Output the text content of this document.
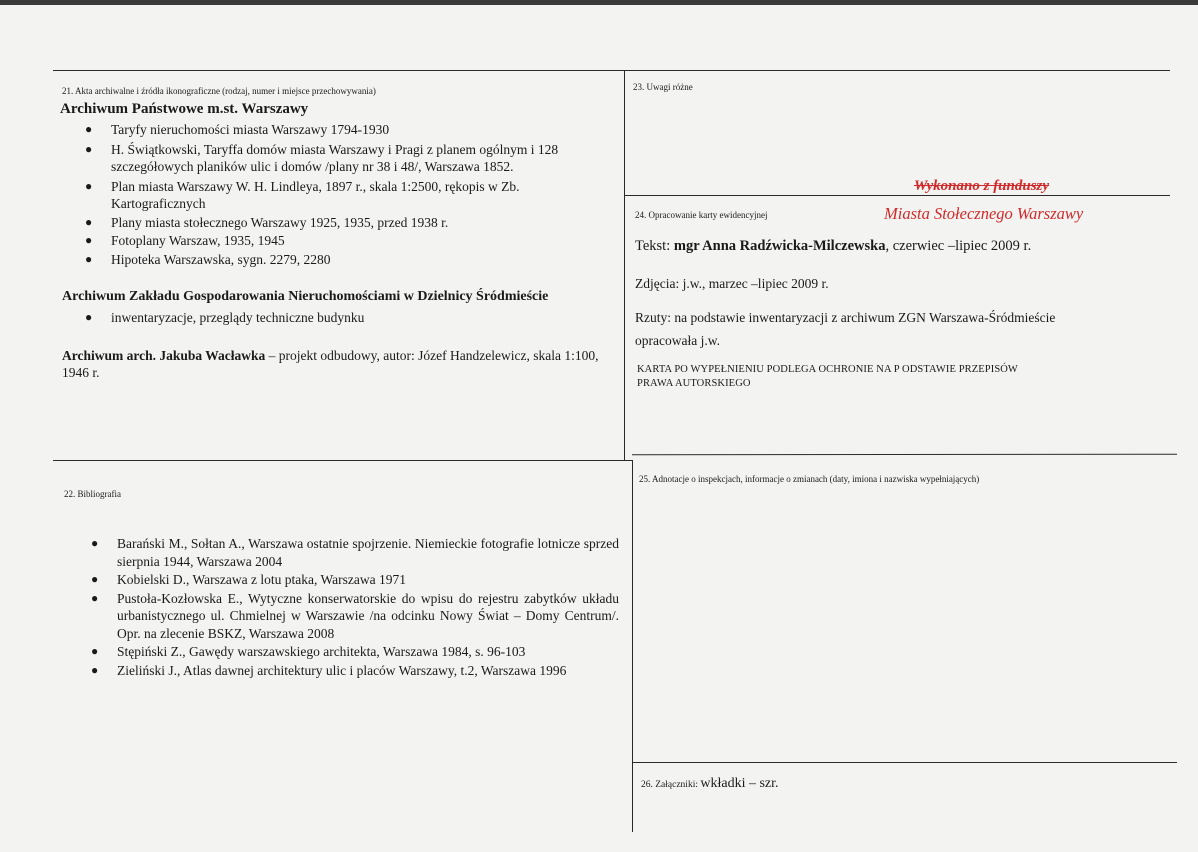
21. Akta archiwalne i źródła ikonograficzne (rodzaj, numer i miejsce przechowywania)
Archiwum Państwowe m.st. Warszawy
● Taryfy nieruchomości miasta Warszawy 1794-1930
● H. Świątkowski, Taryffa domów miasta Warszawy i Pragi z planem ogólnym i 128 szczegółowych planików ulic i domów /plany nr 38 i 48/, Warszawa 1852.
● Plan miasta Warszawy W. H. Lindleya, 1897 r., skala 1:2500, rękopis w Zb. Kartograficznych
● Plany miasta stołecznego Warszawy 1925, 1935, przed 1938 r.
● Fotoplany Warszaw, 1935, 1945
● Hipoteka Warszawska, sygn. 2279, 2280
Archiwum Zakładu Gospodarowania Nieruchomościami w Dzielnicy Śródmieście
● inwentaryzacje, przeglądy techniczne budynku
Archiwum arch. Jakuba Wacławka – projekt odbudowy, autor: Józef Handzelewicz, skala 1:100, 1946 r.
23. Uwagi różne
Wykonano z funduszy
Miasta Stołecznego Warszawy
24. Opracowanie karty ewidencyjnej
Tekst: mgr Anna Radźwicka-Milczewska, czerwiec –lipiec 2009 r.
Zdjęcia: j.w., marzec –lipiec 2009 r.
Rzuty: na podstawie inwentaryzacji z archiwum ZGN Warszawa-Śródmieście
opracowała j.w.
KARTA PO WYPEŁNIENIU PODLEGA OCHRONIE NA P ODSTAWIE PRZEPISÓW
PRAWA AUTORSKIEGO
22. Bibliografia
● Barański M., Sołtan A., Warszawa ostatnie spojrzenie. Niemieckie fotografie lotnicze sprzed sierpnia 1944, Warszawa 2004
● Kobielski D., Warszawa z lotu ptaka, Warszawa 1971
● Pustoła-Kozłowska E., Wytyczne konserwatorskie do wpisu do rejestru zabytków układu urbanistycznego ul. Chmielnej w Warszawie /na odcinku Nowy Świat – Domy Centrum/. Opr. na zlecenie BSKZ, Warszawa 2008
● Stępiński Z., Gawędy warszawskiego architekta, Warszawa 1984, s. 96-103
● Zieliński J., Atlas dawnej architektury ulic i placów Warszawy, t.2, Warszawa 1996
25. Adnotacje o inspekcjach, informacje o zmianach (daty, imiona i nazwiska wypełniających)
26. Załączniki: wkładki – szr.
